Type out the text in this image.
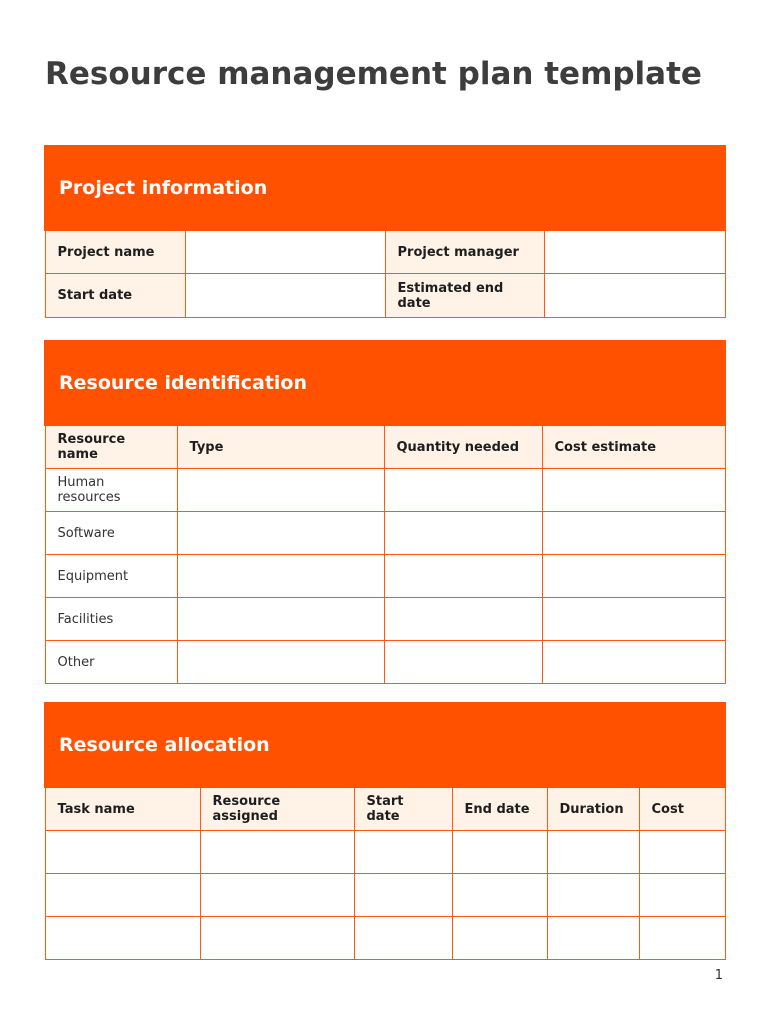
Resource management plan template
Project information			
Project name		Project manager	
Start date		Estimated end date	
Resource identification			
Resource name	Type	Quantity needed	Cost estimate
Human resources			
Software			
Equipment			
Facilities			
Other			
Resource allocation					
Task name	Resource assigned	Start date	End date	Duration	Cost

1
